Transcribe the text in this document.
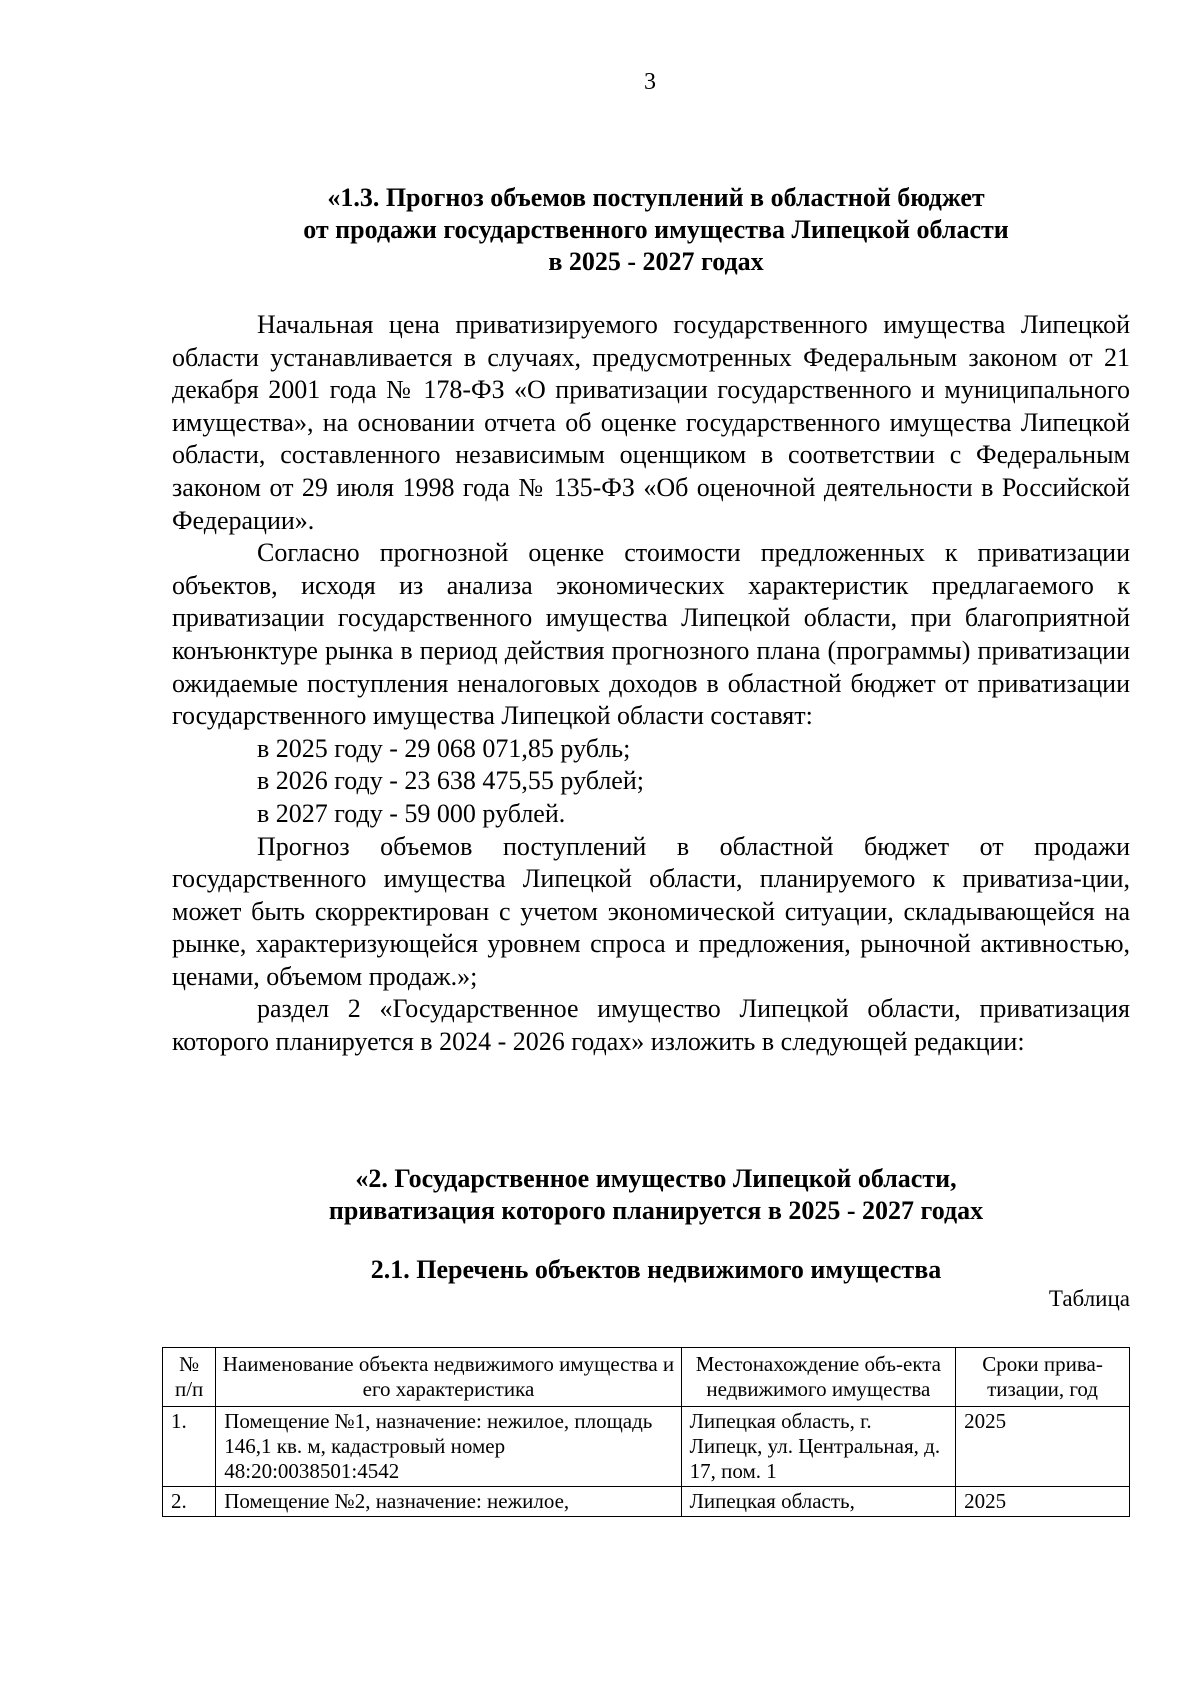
3
«1.3. Прогноз объемов поступлений в областной бюджет
от продажи государственного имущества Липецкой области
в 2025 - 2027 годах

Начальная цена приватизируемого государственного имущества Липецкой области устанавливается в случаях, предусмотренных Федеральным законом от 21 декабря 2001 года № 178-ФЗ «О приватизации государственного и муниципального имущества», на основании отчета об оценке государственного имущества Липецкой области, составленного независимым оценщиком в соответствии с Федеральным законом от 29 июля 1998 года № 135-ФЗ «Об оценочной деятельности в Российской Федерации».

Согласно прогнозной оценке стоимости предложенных к приватизации объектов, исходя из анализа экономических характеристик предлагаемого к приватизации государственного имущества Липецкой области, при благоприятной конъюнктуре рынка в период действия прогнозного плана (программы) приватизации ожидаемые поступления неналоговых доходов в областной бюджет от приватизации государственного имущества Липецкой области составят:

в 2025 году - 29 068 071,85 рубль;

в 2026 году - 23 638 475,55 рублей;

в 2027 году - 59 000 рублей.

Прогноз объемов поступлений в областной бюджет от продажи государственного имущества Липецкой области, планируемого к приватиза-ции, может быть скорректирован с учетом экономической ситуации, складывающейся на рынке, характеризующейся уровнем спроса и предложения, рыночной активностью, ценами, объемом продаж.»;

раздел 2 «Государственное имущество Липецкой области, приватизация которого планируется в 2024 - 2026 годах» изложить в следующей редакции:

«2. Государственное имущество Липецкой области,
приватизация которого планируется в 2025 - 2027 годах
2.1. Перечень объектов недвижимого имущества
Таблица
№ п/п	Наименование объекта недвижимого имущества и его характеристика	Местонахождение объ-екта недвижимого имущества	Сроки прива-тизации, год
1.	Помещение №1, назначение: нежилое, площадь 146,1 кв. м, кадастровый номер 48:20:0038501:4542	Липецкая область, г. Липецк, ул. Центральная, д. 17, пом. 1	2025
2.	Помещение №2, назначение: нежилое,	Липецкая область,	2025
